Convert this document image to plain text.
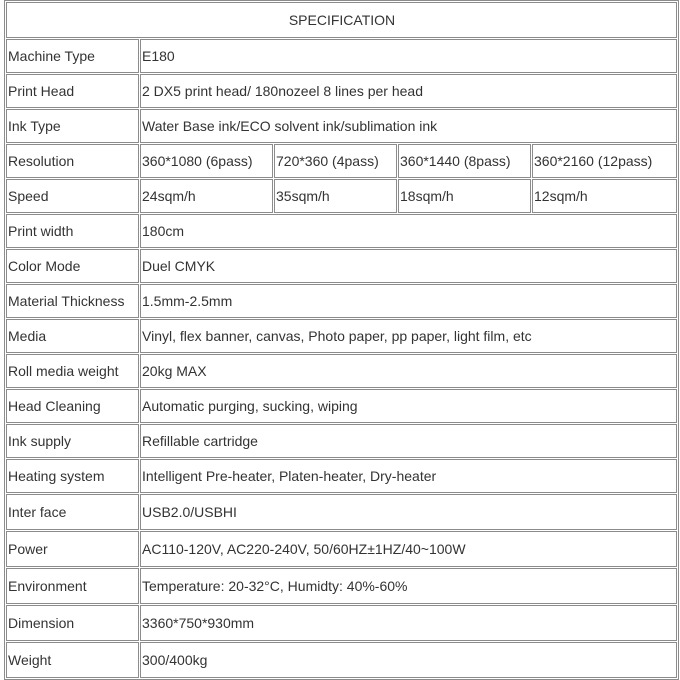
SPECIFICATION				
Machine Type	E180			
Print Head	2 DX5 print head/ 180nozeel 8 lines per head			
Ink Type	Water Base ink/ECO solvent ink/sublimation ink			
Resolution	360*1080 (6pass)	720*360 (4pass)	360*1440 (8pass)	360*2160 (12pass)
Speed	24sqm/h	35sqm/h	18sqm/h	12sqm/h
Print width	180cm			
Color Mode	Duel CMYK			
Material Thickness	1.5mm-2.5mm			
Media	Vinyl, flex banner, canvas, Photo paper, pp paper, light film, etc			
Roll media weight	20kg MAX			
Head Cleaning	Automatic purging, sucking, wiping			
Ink supply	Refillable cartridge			
Heating system	Intelligent Pre-heater, Platen-heater, Dry-heater			
Inter face	USB2.0/USBHI			
Power	AC110-120V, AC220-240V, 50/60HZ±1HZ/40~100W			
Environment	Temperature: 20-32°C, Humidty: 40%-60%			
Dimension	3360*750*930mm			
Weight	300/400kg			
